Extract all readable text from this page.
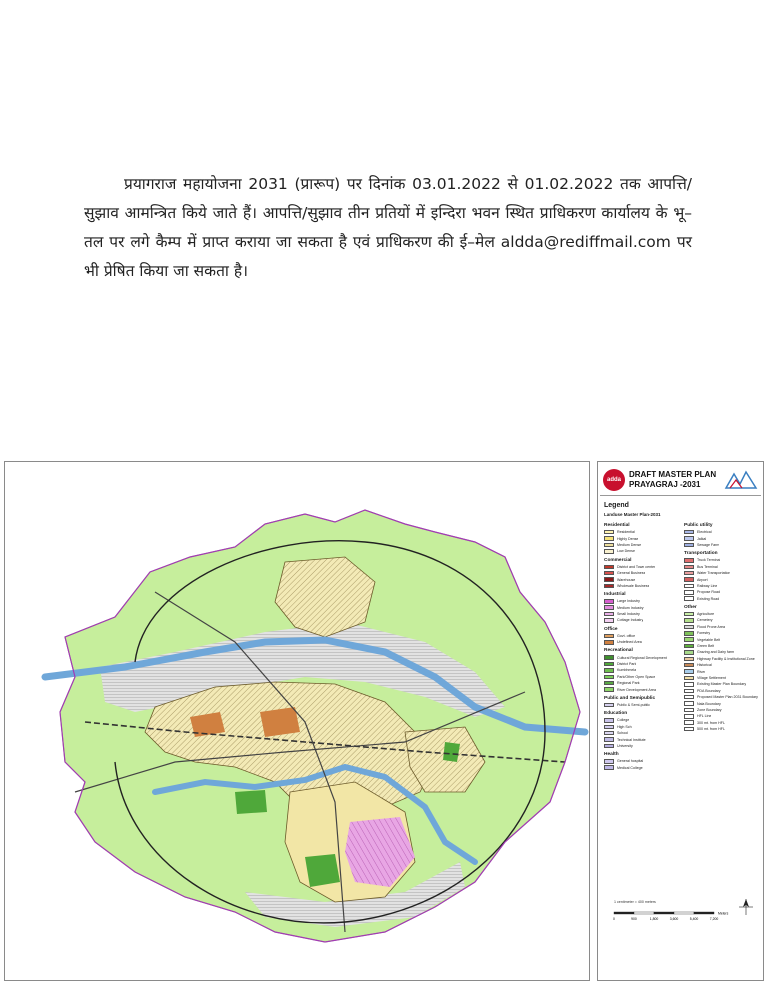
प्रयागराज महायोजना 2031 (प्रारूप) पर दिनांक 03.01.2022 से 01.02.2022 तक आपत्ति/सुझाव आमन्त्रित किये जाते हैं। आपत्ति/सुझाव तीन प्रतियों में इन्दिरा भवन स्थित प्राधिकरण कार्यालय के भू–तल पर लगे कैम्प में प्राप्त कराया जा सकता है एवं प्राधिकरण की ई–मेल aldda@rediffmail.com पर भी प्रेषित किया जा सकता है।

adda
DRAFT MASTER PLAN
PRAYAGRAJ -2031
Legend
Landuse Master Plan-2031
Residential
Residential
Highly Dense
Medium Dense
Low Dense
Commercial
District and Town center
General Business
Warehouse
Wholesale Business
Industrial
Large Industry
Medium Industry
Small Industry
Cottage Industry
Office
Govt. office
Undefined Area
Recreational
Cultural Regional Development
District Park
Kumbhmela
Park/Other Open Space
Regional Park
River Development Area
Public and Semipublic
Public & Semi-public
Education
College
High Sch
School
Technical Institute
University
Health
General hospital
Medical College
Public utility
Electrical
Jalkal
Sewage Farm
Transportation
Truck Terminal
Bus Terminal
Water Transportation
Airport
Railway Line
Propose Road
Existing Road
Other
Agriculture
Cemetery
Flood Prone Area
Forestry
Vegetable Belt
Green Belt
Grazing and Dairy farm
Highway Facility & Institutional Zone
Historical
River
Village Settlement
Existing Master Plan Boundary
PDA Boundary
Proposed Master Plan 2031 Boundary
Nala Boundary
Zone Boundary
HFL Line
300 mt. from HFL
500 mt. from HFL
1 centimeter = 400 meters
0	900	1,800	3,600	5,400	7,200
Meters
